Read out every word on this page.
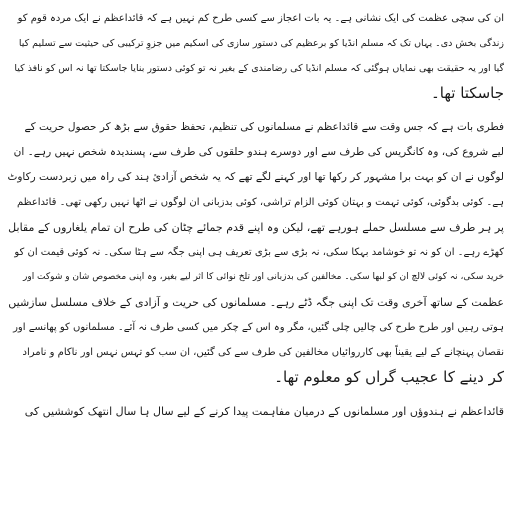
ان کی سچی عظمت کی ایک نشانی ہے۔ یہ بات اعجاز سے کسی طرح کم نہیں ہے کہ قائداعظم نے ایک مردہ قوم کو
زندگی بخش دی۔ یہاں تک کہ مسلم انڈیا کو برعظیم کی دستور سازی کی اسکیم میں جزوِ ترکیبی کی حیثیت سے تسلیم کیا
گیا اور یہ حقیقت بھی نمایاں ہوگئی کہ مسلم انڈیا کی رضامندی کے بغیر نہ تو کوئی دستور بنایا جاسکتا تھا نہ اس کو نافذ کیا
جاسکتا تھا۔
فطری بات ہے کہ جس وقت سے قائداعظم نے مسلمانوں کی تنظیم، تحفظ حقوق سے بڑھ کر حصول حریت کے
لیے شروع کی، وہ کانگریس کی طرف سے اور دوسرے ہندو حلقوں کی طرف سے، پسندیدہ شخص نہیں رہے۔ ان
لوگوں نے ان کو بہت برا مشہور کر رکھا تھا اور کہنے لگے تھے کہ یہ شخص آزادیٔ ہند کی راہ میں زبردست رکاوٹ
ہے۔ کوئی بدگوئی، کوئی تہمت و بہتان کوئی الزام تراشی، کوئی بدزبانی ان لوگوں نے اٹھا نہیں رکھی تھی۔ قائداعظم
پر ہر طرف سے مسلسل حملے ہورہے تھے، لیکن وہ اپنے قدم جمائے چٹان کی طرح ان تمام یلغاروں کے مقابل
کھڑے رہے۔ ان کو نہ تو خوشامد بہکا سکی، نہ بڑی سے بڑی تعریف ہی اپنی جگہ سے ہٹا سکی۔ نہ کوئی قیمت ان کو
خرید سکی، نہ کوئی لالچ ان کو لبھا سکی۔ مخالفین کی بدزبانی اور تلخ نوائی کا اثر لیے بغیر، وہ اپنی مخصوص شان و شوکت اور
عظمت کے ساتھ آخری وقت تک اپنی جگہ ڈٹے رہے۔ مسلمانوں کی حریت و آزادی کے خلاف مسلسل سازشیں
ہوتی رہیں اور طرح طرح کی چالیں چلی گئیں، مگر وہ اس کے چکر میں کسی طرف نہ آئے۔ مسلمانوں کو پھانسے اور
نقصان پہنچانے کے لیے یقیناً بھی کارروائیاں مخالفین کی طرف سے کی گئیں، ان سب کو تہس نہس اور ناکام و نامراد
کر دینے کا عجیب گراں کو معلوم تھا۔
قائداعظم نے ہندوؤں اور مسلمانوں کے درمیان مفاہمت پیدا کرنے کے لیے سال ہا سال انتھک کوششیں کی
